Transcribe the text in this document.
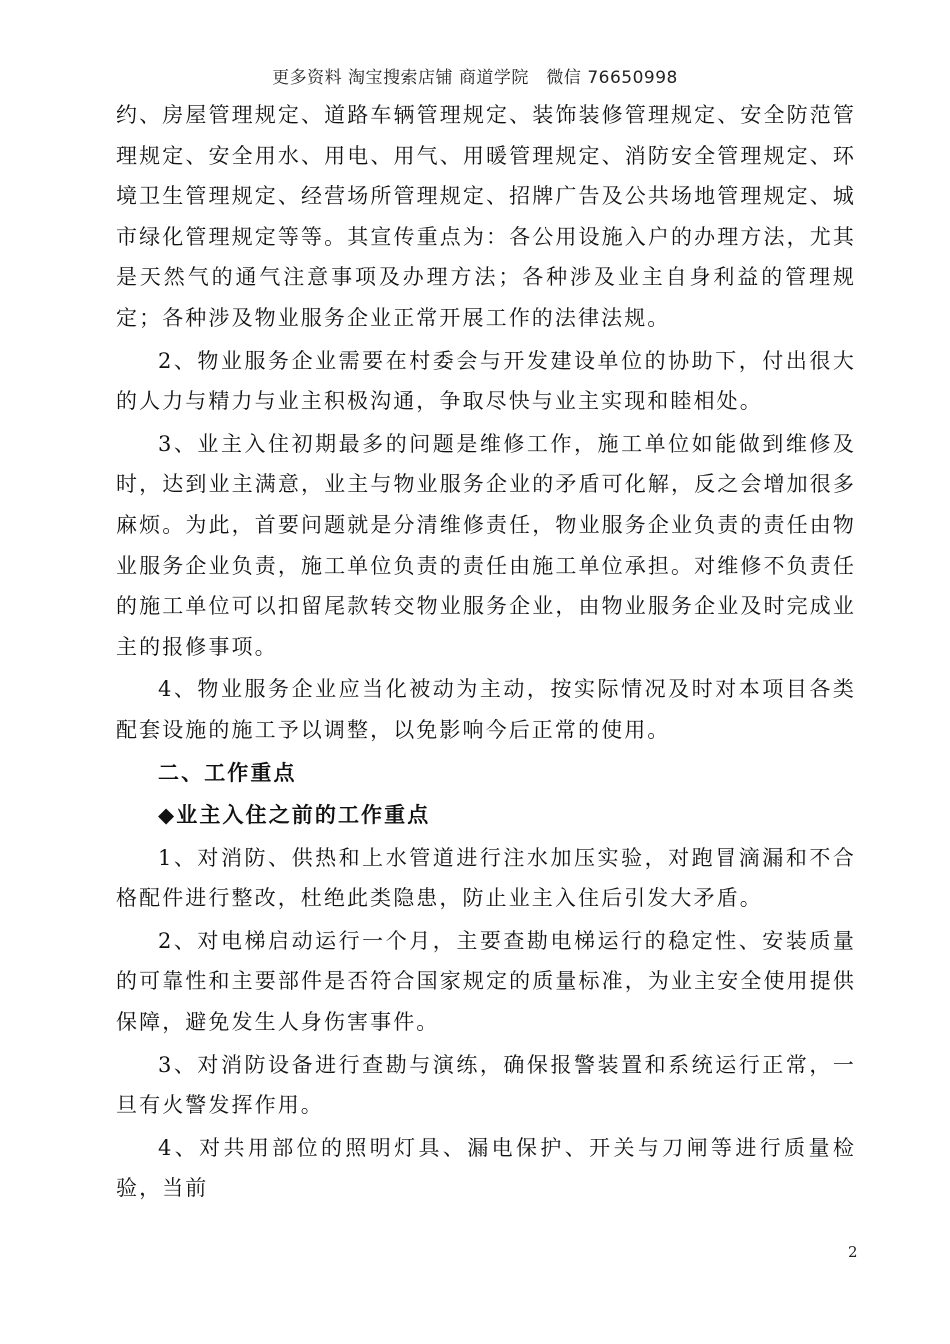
更多资料 淘宝搜索店铺 商道学院　微信 76650998

约、房屋管理规定、道路车辆管理规定、装饰装修管理规定、安全防范管理规定、安全用水、用电、用气、用暖管理规定、消防安全管理规定、环境卫生管理规定、经营场所管理规定、招牌广告及公共场地管理规定、城市绿化管理规定等等。其宣传重点为：各公用设施入户的办理方法，尤其是天然气的通气注意事项及办理方法；各种涉及业主自身利益的管理规定；各种涉及物业服务企业正常开展工作的法律法规。

2、物业服务企业需要在村委会与开发建设单位的协助下，付出很大的人力与精力与业主积极沟通，争取尽快与业主实现和睦相处。

3、业主入住初期最多的问题是维修工作，施工单位如能做到维修及时，达到业主满意，业主与物业服务企业的矛盾可化解，反之会增加很多麻烦。为此，首要问题就是分清维修责任，物业服务企业负责的责任由物业服务企业负责，施工单位负责的责任由施工单位承担。对维修不负责任的施工单位可以扣留尾款转交物业服务企业，由物业服务企业及时完成业主的报修事项。

4、物业服务企业应当化被动为主动，按实际情况及时对本项目各类配套设施的施工予以调整，以免影响今后正常的使用。

二、工作重点

◆业主入住之前的工作重点

1、对消防、供热和上水管道进行注水加压实验，对跑冒滴漏和不合格配件进行整改，杜绝此类隐患，防止业主入住后引发大矛盾。

2、对电梯启动运行一个月，主要查勘电梯运行的稳定性、安装质量的可靠性和主要部件是否符合国家规定的质量标准，为业主安全使用提供保障，避免发生人身伤害事件。

3、对消防设备进行查勘与演练，确保报警装置和系统运行正常，一旦有火警发挥作用。

4、对共用部位的照明灯具、漏电保护、开关与刀闸等进行质量检验，当前

2
